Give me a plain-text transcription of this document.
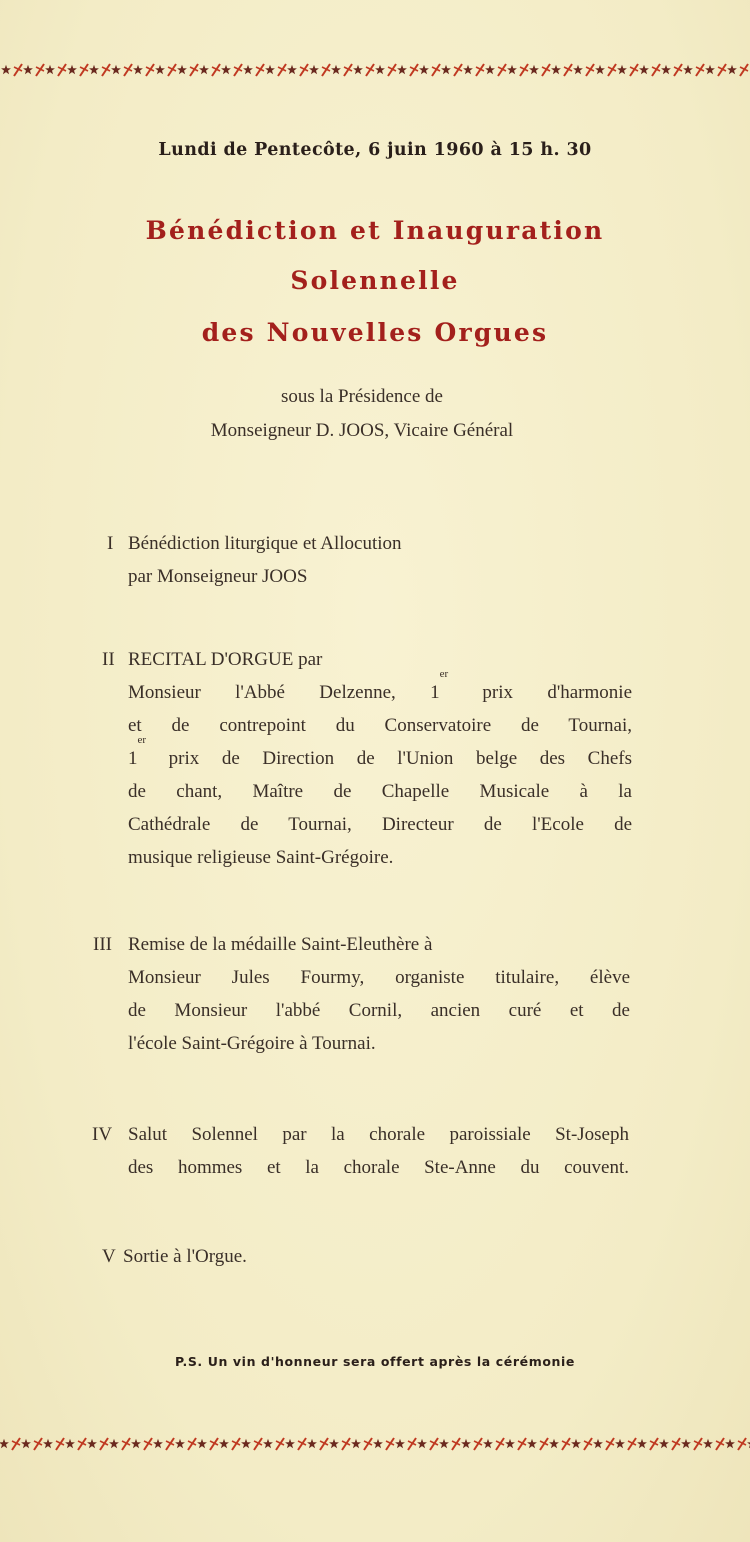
Lundi de Pentecôte, 6 juin 1960 à 15 h. 30
Bénédiction et Inauguration
Solennelle
des Nouvelles Orgues
sous la Présidence de
Monseigneur D. JOOS, Vicaire Général
I Bénédiction liturgique et Allocution
par Monseigneur JOOS
II RECITAL D'ORGUE par
Monsieur l'Abbé Delzenne, 1er prix d'harmonie
et de contrepoint du Conservatoire de Tournai,
1er prix de Direction de l'Union belge des Chefs
de chant, Maître de Chapelle Musicale à la
Cathédrale de Tournai, Directeur de l'Ecole de
musique religieuse Saint-Grégoire.
III Remise de la médaille Saint-Eleuthère à
Monsieur Jules Fourmy, organiste titulaire, élève
de Monsieur l'abbé Cornil, ancien curé et de
l'école Saint-Grégoire à Tournai.
IV Salut Solennel par la chorale paroissiale St-Joseph
des hommes et la chorale Ste-Anne du couvent.
V Sortie à l'Orgue.
P.S. Un vin d'honneur sera offert après la cérémonie
